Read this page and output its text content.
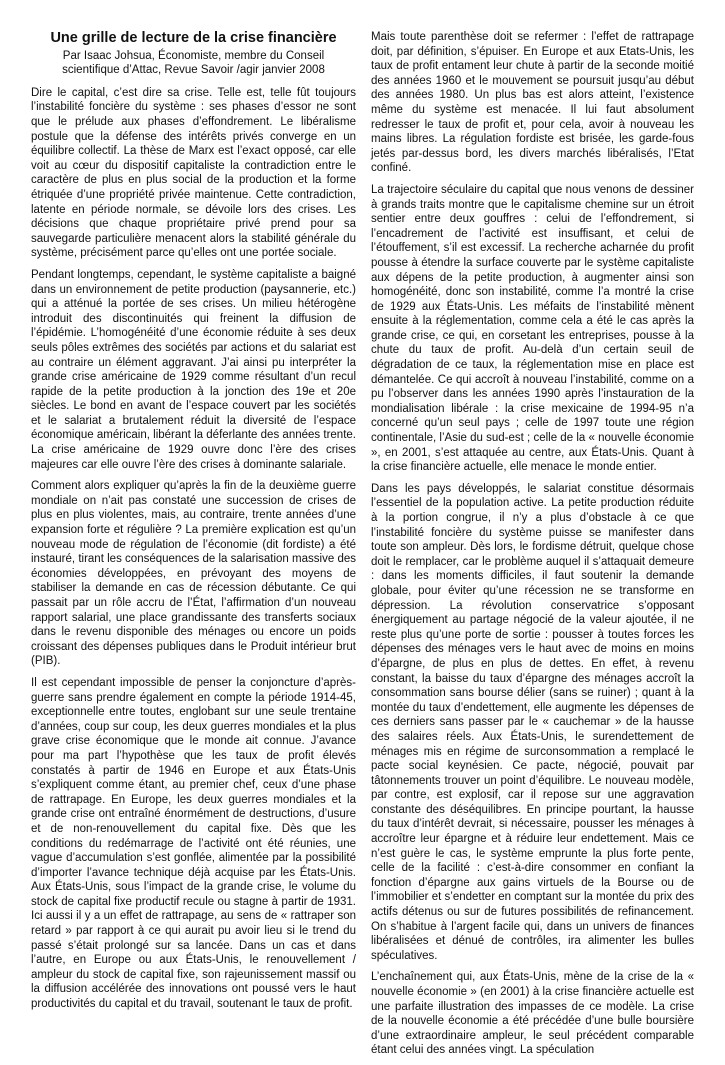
Une grille de lecture de la crise financière

Par Isaac Johsua, Économiste, membre du Conseil

scientifique d’Attac, Revue Savoir /agir janvier 2008

Dire le capital, c’est dire sa crise. Telle est, telle fût toujours l’instabilité foncière du système : ses phases d’essor ne sont que le prélude aux phases d’effondrement. Le libéralisme postule que la défense des intérêts privés converge en un équilibre collectif. La thèse de Marx est l’exact opposé, car elle voit au cœur du dispositif capitaliste la contradiction entre le caractère de plus en plus social de la production et la forme étriquée d’une propriété privée maintenue. Cette contradiction, latente en période normale, se dévoile lors des crises. Les décisions que chaque propriétaire privé prend pour sa sauvegarde particulière menacent alors la stabilité générale du système, précisément parce qu’elles ont une portée sociale.

Pendant longtemps, cependant, le système capitaliste a baigné dans un environnement de petite production (paysannerie, etc.) qui a atténué la portée de ses crises. Un milieu hétérogène introduit des discontinuités qui freinent la diffusion de l’épidémie. L’homogénéité d’une économie réduite à ses deux seuls pôles extrêmes des sociétés par actions et du salariat est au contraire un élément aggravant. J’ai ainsi pu interpréter la grande crise américaine de 1929 comme résultant d’un recul rapide de la petite production à la jonction des 19e et 20e siècles. Le bond en avant de l’espace couvert par les sociétés et le salariat a brutalement réduit la diversité de l’espace économique américain, libérant la déferlante des années trente. La crise américaine de 1929 ouvre donc l’ère des crises majeures car elle ouvre l’ère des crises à dominante salariale.

Comment alors expliquer qu’après la fin de la deuxième guerre mondiale on n’ait pas constaté une succession de crises de plus en plus violentes, mais, au contraire, trente années d’une expansion forte et régulière ? La première explication est qu’un nouveau mode de régulation de l’économie (dit fordiste) a été instauré, tirant les conséquences de la salarisation massive des économies développées, en prévoyant des moyens de stabiliser la demande en cas de récession débutante. Ce qui passait par un rôle accru de l’État, l’affirmation d’un nouveau rapport salarial, une place grandissante des transferts sociaux dans le revenu disponible des ménages ou encore un poids croissant des dépenses publiques dans le Produit intérieur brut (PIB).

Il est cependant impossible de penser la conjoncture d’après-guerre sans prendre également en compte la période 1914-45, exceptionnelle entre toutes, englobant sur une seule trentaine d’années, coup sur coup, les deux guerres mondiales et la plus grave crise économique que le monde ait connue. J’avance pour ma part l’hypothèse que les taux de profit élevés constatés à partir de 1946 en Europe et aux États-Unis s’expliquent comme étant, au premier chef, ceux d’une phase de rattrapage. En Europe, les deux guerres mondiales et la grande crise ont entraîné énormément de destructions, d’usure et de non-renouvellement du capital fixe. Dès que les conditions du redémarrage de l’activité ont été réunies, une vague d’accumulation s’est gonflée, alimentée par la possibilité d’importer l’avance technique déjà acquise par les États-Unis. Aux États-Unis, sous l’impact de la grande crise, le volume du stock de capital fixe productif recule ou stagne à partir de 1931. Ici aussi il y a un effet de rattrapage, au sens de « rattraper son retard » par rapport à ce qui aurait pu avoir lieu si le trend du passé s’était prolongé sur sa lancée. Dans un cas et dans l’autre, en Europe ou aux États-Unis, le renouvellement / ampleur du stock de capital fixe, son rajeunissement massif ou la diffusion accélérée des innovations ont poussé vers le haut productivités du capital et du travail, soutenant le taux de profit.

Mais toute parenthèse doit se refermer : l’effet de rattrapage doit, par définition, s’épuiser. En Europe et aux Etats-Unis, les taux de profit entament leur chute à partir de la seconde moitié des années 1960 et le mouvement se poursuit jusqu’au début des années 1980. Un plus bas est alors atteint, l’existence même du système est menacée. Il lui faut absolument redresser le taux de profit et, pour cela, avoir à nouveau les mains libres. La régulation fordiste est brisée, les garde-fous jetés par-dessus bord, les divers marchés libéralisés, l’Etat confiné.

La trajectoire séculaire du capital que nous venons de dessiner à grands traits montre que le capitalisme chemine sur un étroit sentier entre deux gouffres : celui de l’effondrement, si l’encadrement de l’activité est insuffisant, et celui de l’étouffement, s’il est excessif. La recherche acharnée du profit pousse à étendre la surface couverte par le système capitaliste aux dépens de la petite production, à augmenter ainsi son homogénéité, donc son instabilité, comme l’a montré la crise de 1929 aux États-Unis. Les méfaits de l’instabilité mènent ensuite à la réglementation, comme cela a été le cas après la grande crise, ce qui, en corsetant les entreprises, pousse à la chute du taux de profit. Au-delà d’un certain seuil de dégradation de ce taux, la réglementation mise en place est démantelée. Ce qui accroît à nouveau l’instabilité, comme on a pu l’observer dans les années 1990 après l’instauration de la mondialisation libérale : la crise mexicaine de 1994-95 n’a concerné qu’un seul pays ; celle de 1997 toute une région continentale, l’Asie du sud-est ; celle de la « nouvelle économie », en 2001, s’est attaquée au centre, aux États-Unis. Quant à la crise financière actuelle, elle menace le monde entier.

Dans les pays développés, le salariat constitue désormais l’essentiel de la population active. La petite production réduite à la portion congrue, il n’y a plus d’obstacle à ce que l’instabilité foncière du système puisse se manifester dans toute son ampleur. Dès lors, le fordisme détruit, quelque chose doit le remplacer, car le problème auquel il s’attaquait demeure : dans les moments difficiles, il faut soutenir la demande globale, pour éviter qu’une récession ne se transforme en dépression. La révolution conservatrice s’opposant énergiquement au partage négocié de la valeur ajoutée, il ne reste plus qu’une porte de sortie : pousser à toutes forces les dépenses des ménages vers le haut avec de moins en moins d’épargne, de plus en plus de dettes. En effet, à revenu constant, la baisse du taux d’épargne des ménages accroît la consommation sans bourse délier (sans se ruiner) ; quant à la montée du taux d’endettement, elle augmente les dépenses de ces derniers sans passer par le « cauchemar » de la hausse des salaires réels. Aux États-Unis, le surendettement de ménages mis en régime de surconsommation a remplacé le pacte social keynésien. Ce pacte, négocié, pouvait par tâtonnements trouver un point d’équilibre. Le nouveau modèle, par contre, est explosif, car il repose sur une aggravation constante des déséquilibres. En principe pourtant, la hausse du taux d’intérêt devrait, si nécessaire, pousser les ménages à accroître leur épargne et à réduire leur endettement. Mais ce n’est guère le cas, le système emprunte la plus forte pente, celle de la facilité : c’est-à-dire consommer en confiant la fonction d’épargne aux gains virtuels de la Bourse ou de l’immobilier et s’endetter en comptant sur la montée du prix des actifs détenus ou sur de futures possibilités de refinancement. On s’habitue à l’argent facile qui, dans un univers de finances libéralisées et dénué de contrôles, ira alimenter les bulles spéculatives.

L’enchaînement qui, aux États-Unis, mène de la crise de la « nouvelle économie » (en 2001) à la crise financière actuelle est une parfaite illustration des impasses de ce modèle. La crise de la nouvelle économie a été précédée d’une bulle boursière d’une extraordinaire ampleur, le seul précédent comparable étant celui des années vingt. La spéculation
